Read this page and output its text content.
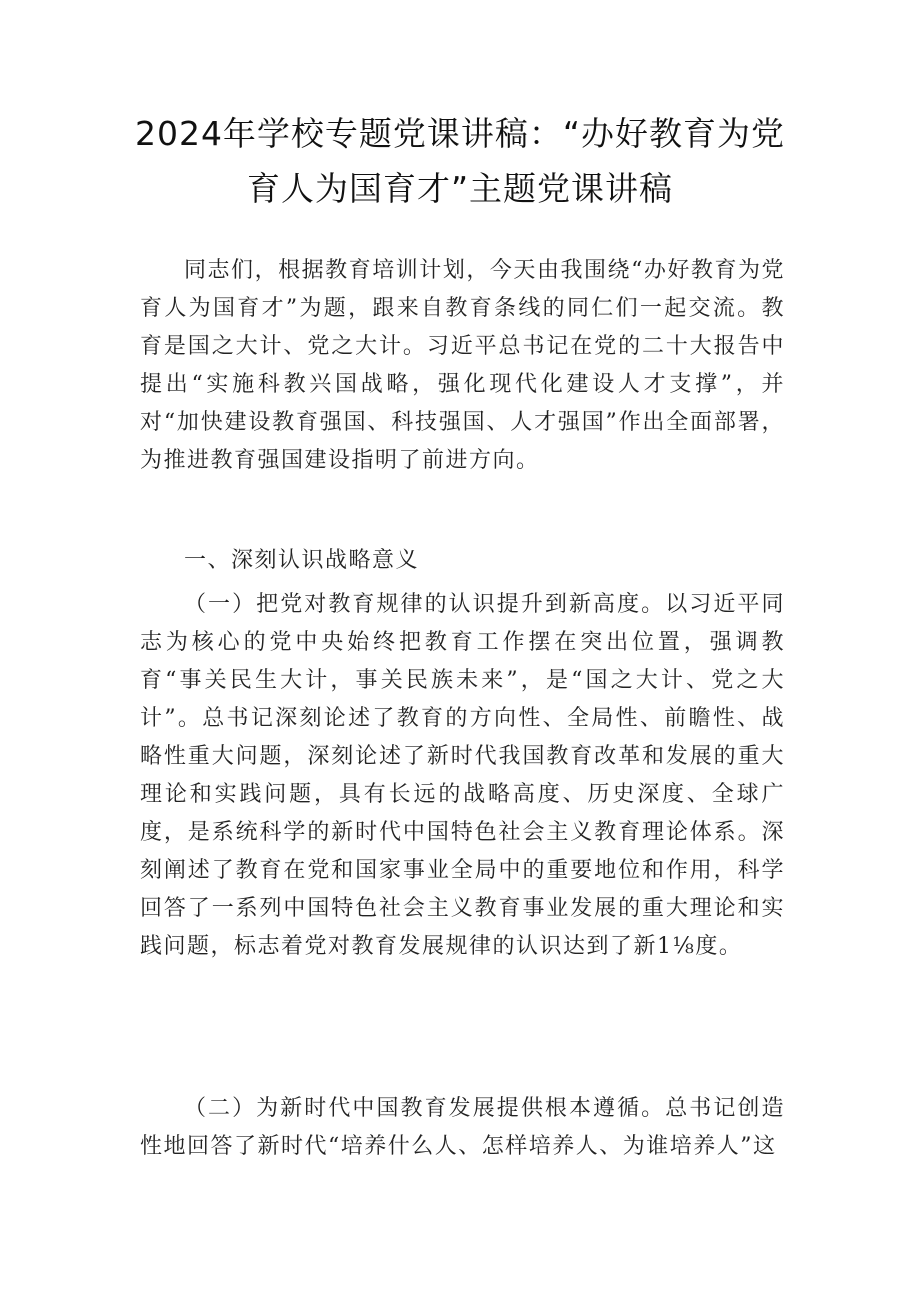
2024年学校专题党课讲稿：“办好教育为党育人为国育才”主题党课讲稿

同志们，根据教育培训计划，今天由我围绕“办好教育为党育人为国育才”为题，跟来自教育条线的同仁们一起交流。教育是国之大计、党之大计。习近平总书记在党的二十大报告中提出“实施科教兴国战略，强化现代化建设人才支撑”，并对“加快建设教育强国、科技强国、人才强国”作出全面部署，为推进教育强国建设指明了前进方向。

一、深刻认识战略意义

（一）把党对教育规律的认识提升到新高度。以习近平同志为核心的党中央始终把教育工作摆在突出位置，强调教育“事关民生大计，事关民族未来”，是“国之大计、党之大计”。总书记深刻论述了教育的方向性、全局性、前瞻性、战略性重大问题，深刻论述了新时代我国教育改革和发展的重大理论和实践问题，具有长远的战略高度、历史深度、全球广度，是系统科学的新时代中国特色社会主义教育理论体系。深刻阐述了教育在党和国家事业全局中的重要地位和作用，科学回答了一系列中国特色社会主义教育事业发展的重大理论和实践问题，标志着党对教育发展规律的认识达到了新1⅛度。

（二）为新时代中国教育发展提供根本遵循。总书记创造性地回答了新时代“培养什么人、怎样培养人、为谁培养人”这
